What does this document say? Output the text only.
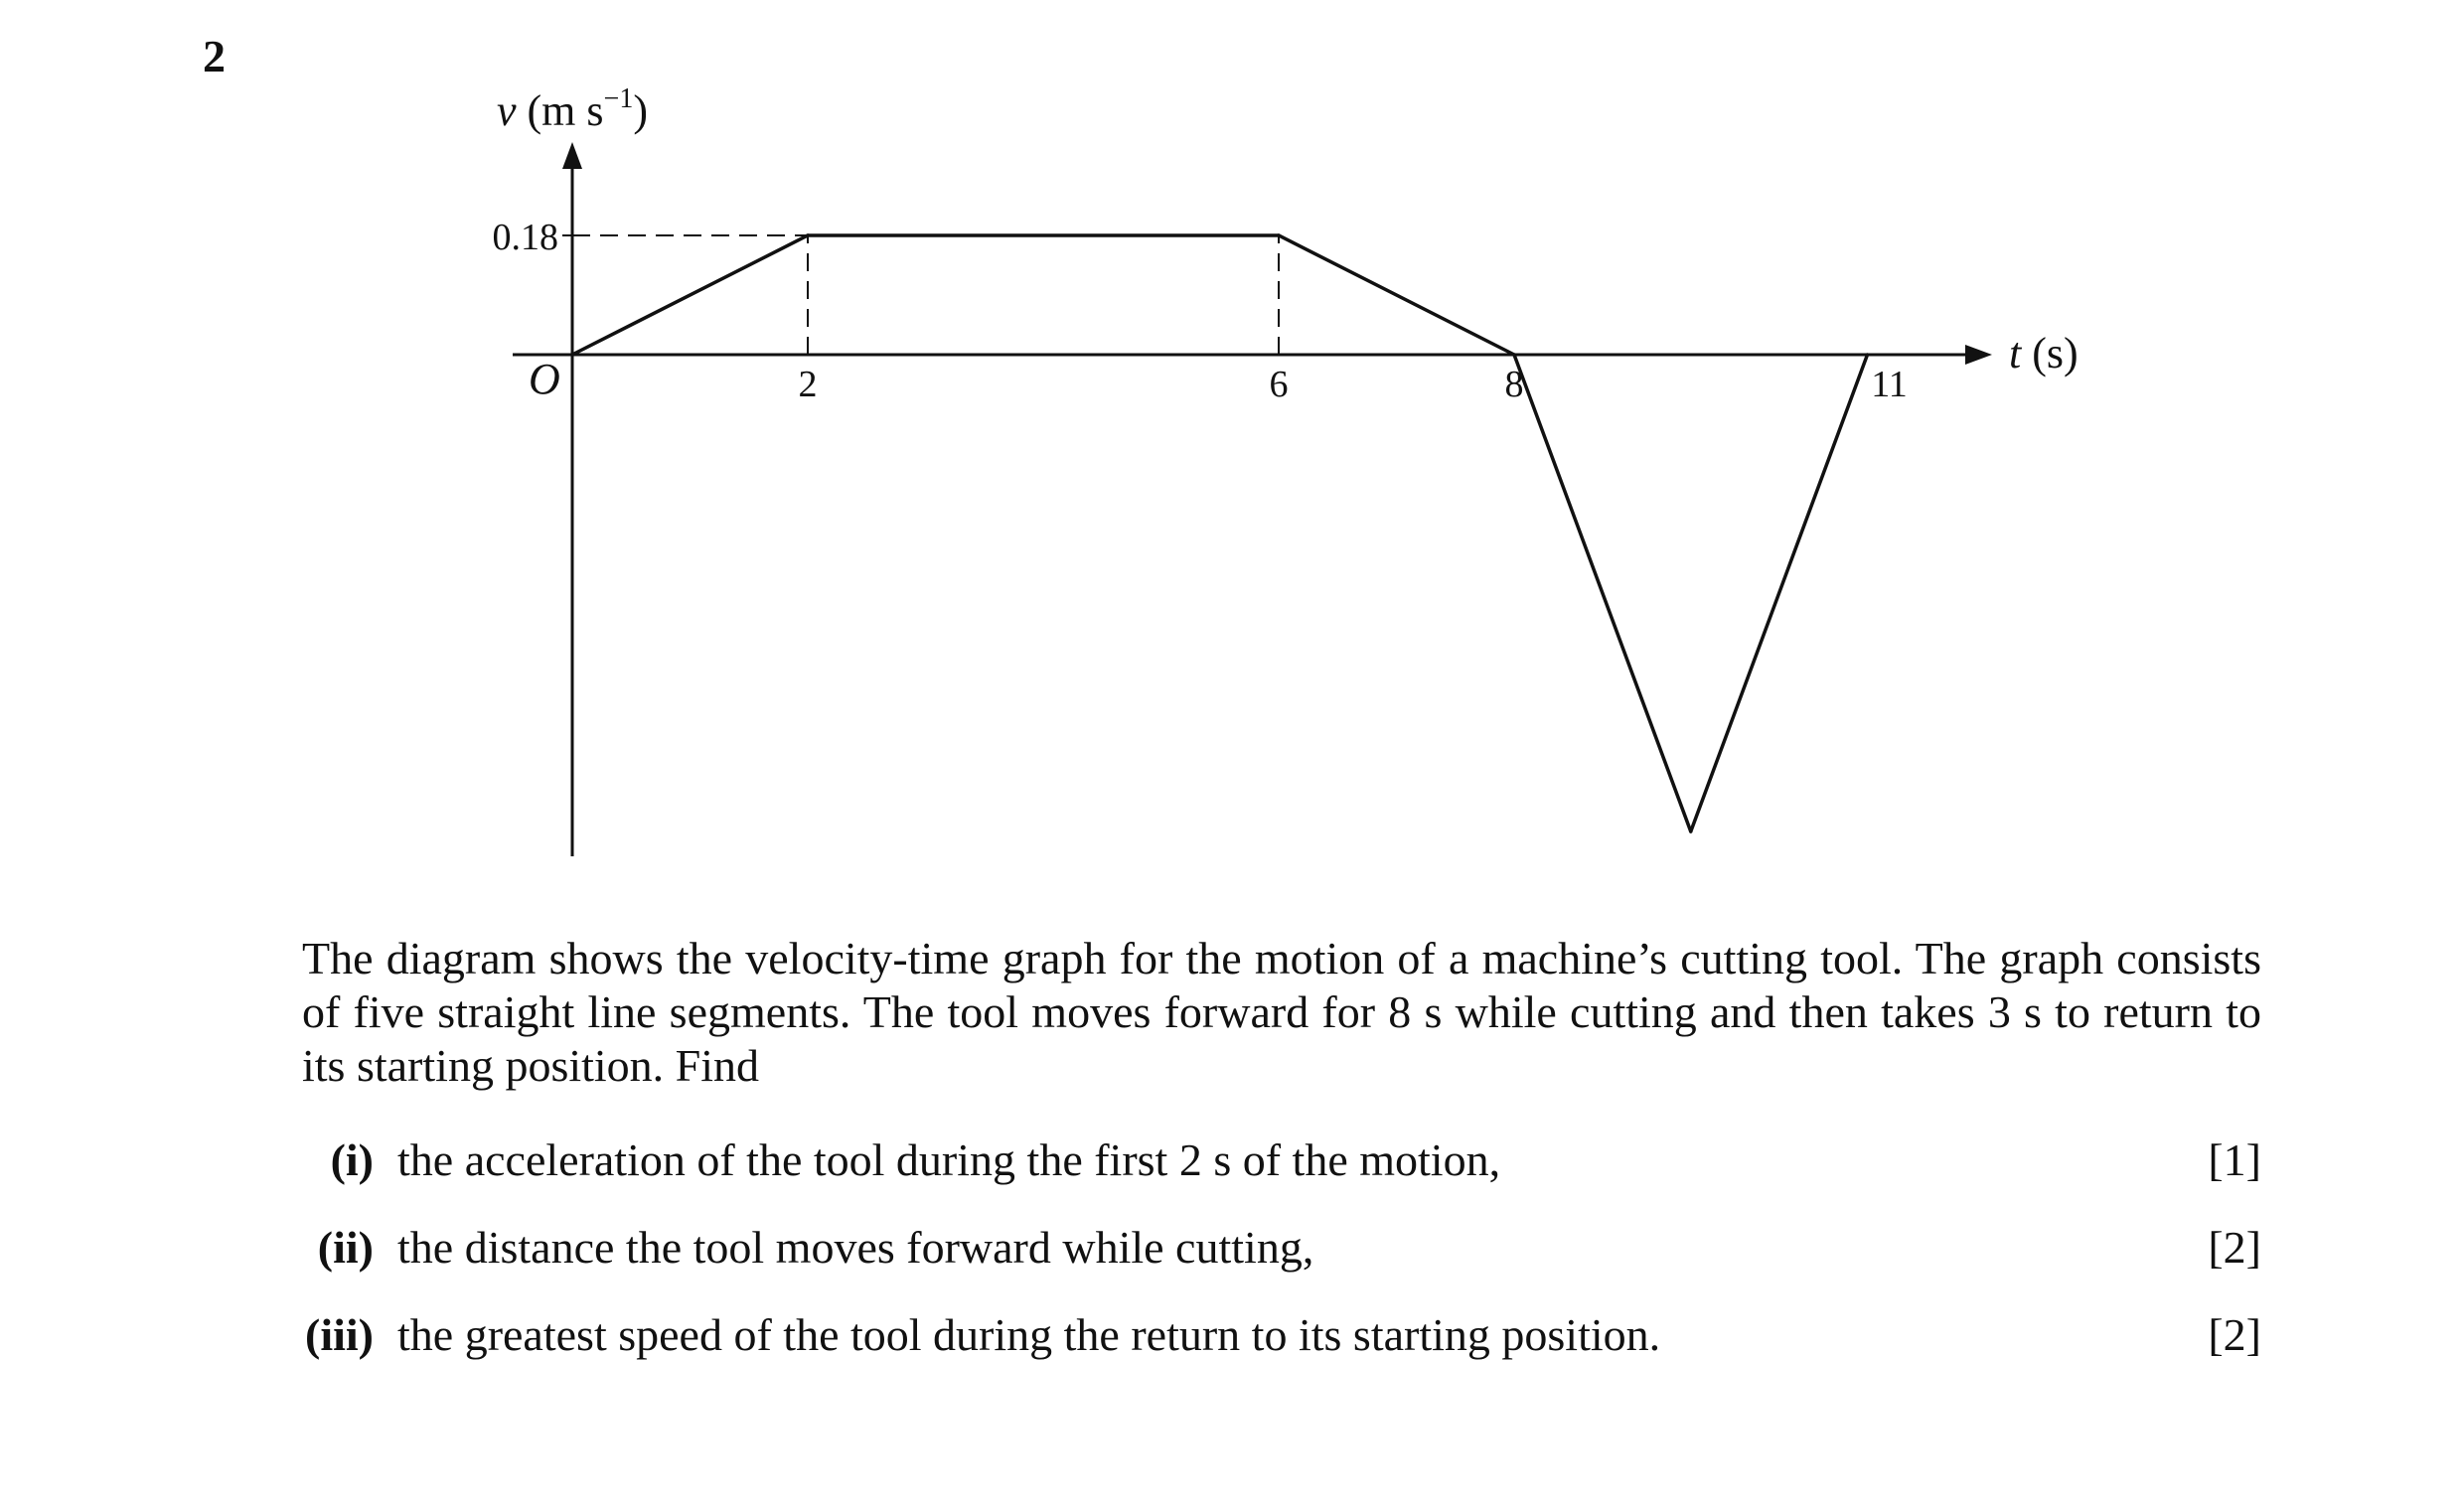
2
v (m $s^{-1}$)
t (s)
O
0.18
2	6	8	11
The diagram shows the velocity-time graph for the motion of a machine’s cutting tool. The graph consists of five straight line segments. The tool moves forward for 8 s while cutting and then takes 3 s to return to its starting position. Find
(i) the acceleration of the tool during the first 2 s of the motion,	[1]
(ii) the distance the tool moves forward while cutting,	[2]
(iii) the greatest speed of the tool during the return to its starting position.	[2]
